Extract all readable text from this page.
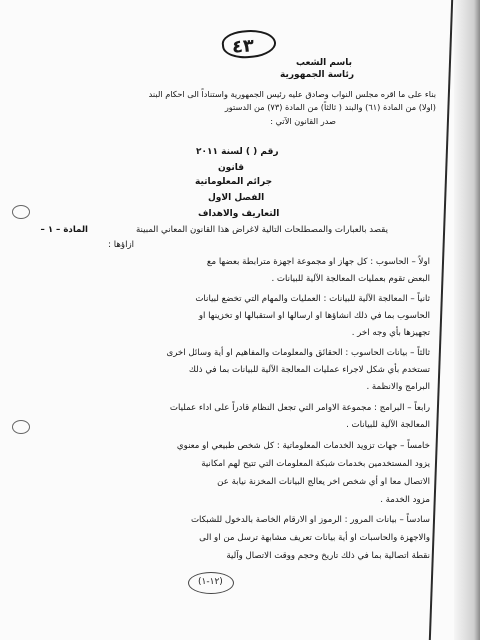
٤٣
باسم الشعب
رئاسة الجمهورية
بناء على ما اقره مجلس النواب وصادق عليه رئيس الجمهورية واستناداً الى احكام البند
(اولا) من المادة (٦١) والبند ( ثالثاً) من المادة (٧٣) من الدستور
صدر القانون الآتي :
رقم ( ) لسنة ٢٠١١
قانون
جرائم المعلوماتية
الفصل الاول
التعاريف والاهداف
المادة – ١ –	يقصد بالعبارات والمصطلحات التالية لاغراض هذا القانون المعاني المبينة
ازاؤها :
اولاً – الحاسوب : كل جهاز او مجموعة اجهزة مترابطة بعضها مع
البعض تقوم بعمليات المعالجة الآلية للبيانات .
ثانياً – المعالجة الآلية للبيانات : العمليات والمهام التي تخضع لبيانات
الحاسوب بما في ذلك انشاؤها او ارسالها او استقبالها او تخزينها او
تجهيزها بأي وجه اخر .
ثالثاً – بيانات الحاسوب : الحقائق والمعلومات والمفاهيم او أية وسائل اخرى
تستخدم بأي شكل لاجراء عمليات المعالجة الآلية للبيانات بما في ذلك
البرامج والانظمة .
رابعاً – البرامج : مجموعة الاوامر التي تجعل النظام قادراً على اداء عمليات
المعالجة الآلية للبيانات .
خامساً – جهات تزويد الخدمات المعلوماتية : كل شخص طبيعي او معنوي
يزود المستخدمين بخدمات شبكة المعلومات التي تتيح لهم امكانية
الاتصال معا او أي شخص اخر يعالج البيانات المخزنة نيابة عن
مزود الخدمة .
سادساً – بيانات المرور : الرموز او الارقام الخاصة بالدخول للشبكات
والاجهزة والحاسبات او أية بيانات تعريف مشابهة ترسل من او الى
نقطة اتصالية بما في ذلك تاريخ وحجم ووقت الاتصال وآلية
(١٢-١)
